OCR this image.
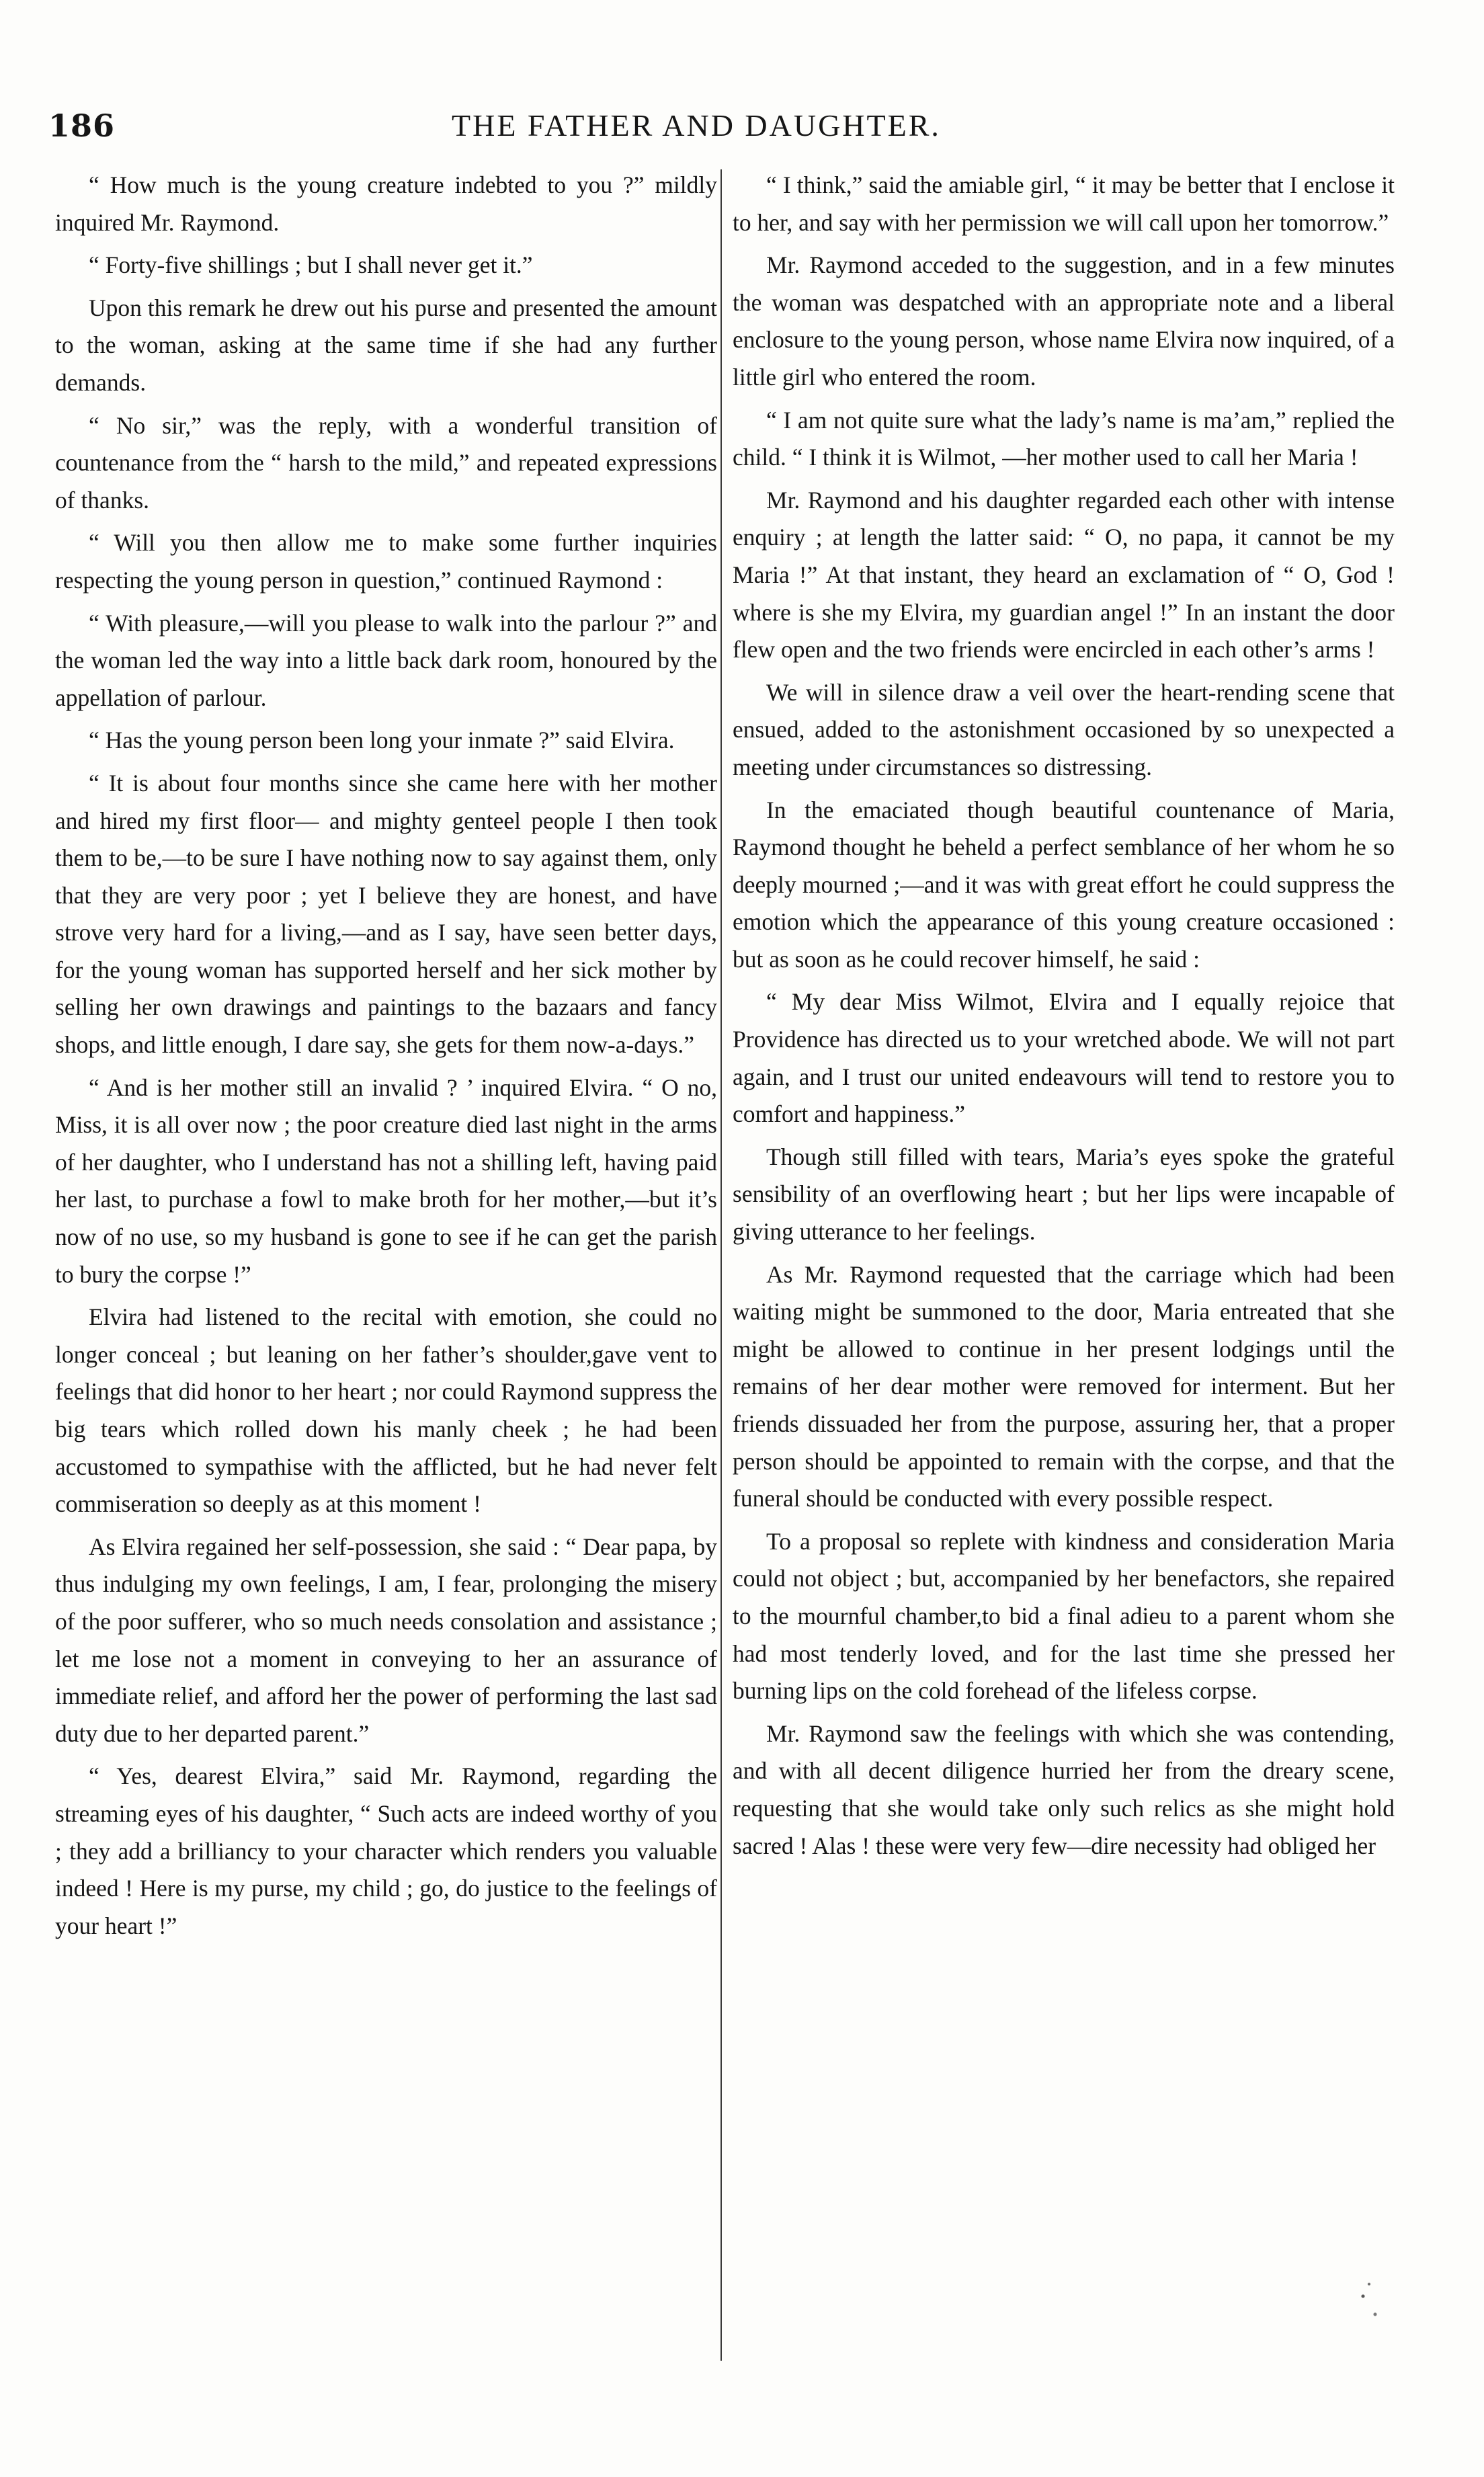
186	THE FATHER AND DAUGHTER.

“ How much is the young creature indebted to you ?” mildly inquired Mr. Raymond.

“ Forty-five shillings ; but I shall never get it.”

Upon this remark he drew out his purse and presented the amount to the woman, asking at the same time if she had any further demands.

“ No sir,” was the reply, with a wonderful transition of countenance from the “ harsh to the mild,” and repeated expressions of thanks.

“ Will you then allow me to make some further inquiries respecting the young person in question,” continued Raymond :

“ With pleasure,—will you please to walk into the parlour ?” and the woman led the way into a little back dark room, honoured by the appellation of parlour.

“ Has the young person been long your inmate ?” said Elvira.

“ It is about four months since she came here with her mother and hired my first floor— and mighty genteel people I then took them to be,—to be sure I have nothing now to say against them, only that they are very poor ; yet I believe they are honest, and have strove very hard for a living,—and as I say, have seen better days, for the young woman has supported herself and her sick mother by selling her own drawings and paintings to the bazaars and fancy shops, and little enough, I dare say, she gets for them now-a-days.”

“ And is her mother still an invalid ? ’ inquired Elvira. “ O no, Miss, it is all over now ; the poor creature died last night in the arms of her daughter, who I understand has not a shilling left, having paid her last, to purchase a fowl to make broth for her mother,—but it’s now of no use, so my husband is gone to see if he can get the parish to bury the corpse !”

Elvira had listened to the recital with emotion, she could no longer conceal ; but leaning on her father’s shoulder,gave vent to feelings that did honor to her heart ; nor could Raymond suppress the big tears which rolled down his manly cheek ; he had been accustomed to sympathise with the afflicted, but he had never felt commiseration so deeply as at this moment !

As Elvira regained her self-possession, she said : “ Dear papa, by thus indulging my own feelings, I am, I fear, prolonging the misery of the poor sufferer, who so much needs consolation and assistance ; let me lose not a moment in conveying to her an assurance of immediate relief, and afford her the power of performing the last sad duty due to her departed parent.”

“ Yes, dearest Elvira,” said Mr. Raymond, regarding the streaming eyes of his daughter, “ Such acts are indeed worthy of you ; they add a brilliancy to your character which renders you valuable indeed ! Here is my purse, my child ; go, do justice to the feelings of your heart !”

“ I think,” said the amiable girl, “ it may be better that I enclose it to her, and say with her permission we will call upon her tomorrow.”

Mr. Raymond acceded to the suggestion, and in a few minutes the woman was despatched with an appropriate note and a liberal enclosure to the young person, whose name Elvira now inquired, of a little girl who entered the room.

“ I am not quite sure what the lady’s name is ma’am,” replied the child. “ I think it is Wilmot, —her mother used to call her Maria !

Mr. Raymond and his daughter regarded each other with intense enquiry ; at length the latter said: “ O, no papa, it cannot be my Maria !” At that instant, they heard an exclamation of “ O, God ! where is she my Elvira, my guardian angel !” In an instant the door flew open and the two friends were encircled in each other’s arms !

We will in silence draw a veil over the heart-rending scene that ensued, added to the astonishment occasioned by so unexpected a meeting under circumstances so distressing.

In the emaciated though beautiful countenance of Maria, Raymond thought he beheld a perfect semblance of her whom he so deeply mourned ;—and it was with great effort he could suppress the emotion which the appearance of this young creature occasioned : but as soon as he could recover himself, he said :

“ My dear Miss Wilmot, Elvira and I equally rejoice that Providence has directed us to your wretched abode. We will not part again, and I trust our united endeavours will tend to restore you to comfort and happiness.”

Though still filled with tears, Maria’s eyes spoke the grateful sensibility of an overflowing heart ; but her lips were incapable of giving utterance to her feelings.

As Mr. Raymond requested that the carriage which had been waiting might be summoned to the door, Maria entreated that she might be allowed to continue in her present lodgings until the remains of her dear mother were removed for interment. But her friends dissuaded her from the purpose, assuring her, that a proper person should be appointed to remain with the corpse, and that the funeral should be conducted with every possible respect.

To a proposal so replete with kindness and consideration Maria could not object ; but, accompanied by her benefactors, she repaired to the mournful chamber,to bid a final adieu to a parent whom she had most tenderly loved, and for the last time she pressed her burning lips on the cold forehead of the lifeless corpse.

Mr. Raymond saw the feelings with which she was contending, and with all decent diligence hurried her from the dreary scene, requesting that she would take only such relics as she might hold sacred ! Alas ! these were very few—dire necessity had obliged her
